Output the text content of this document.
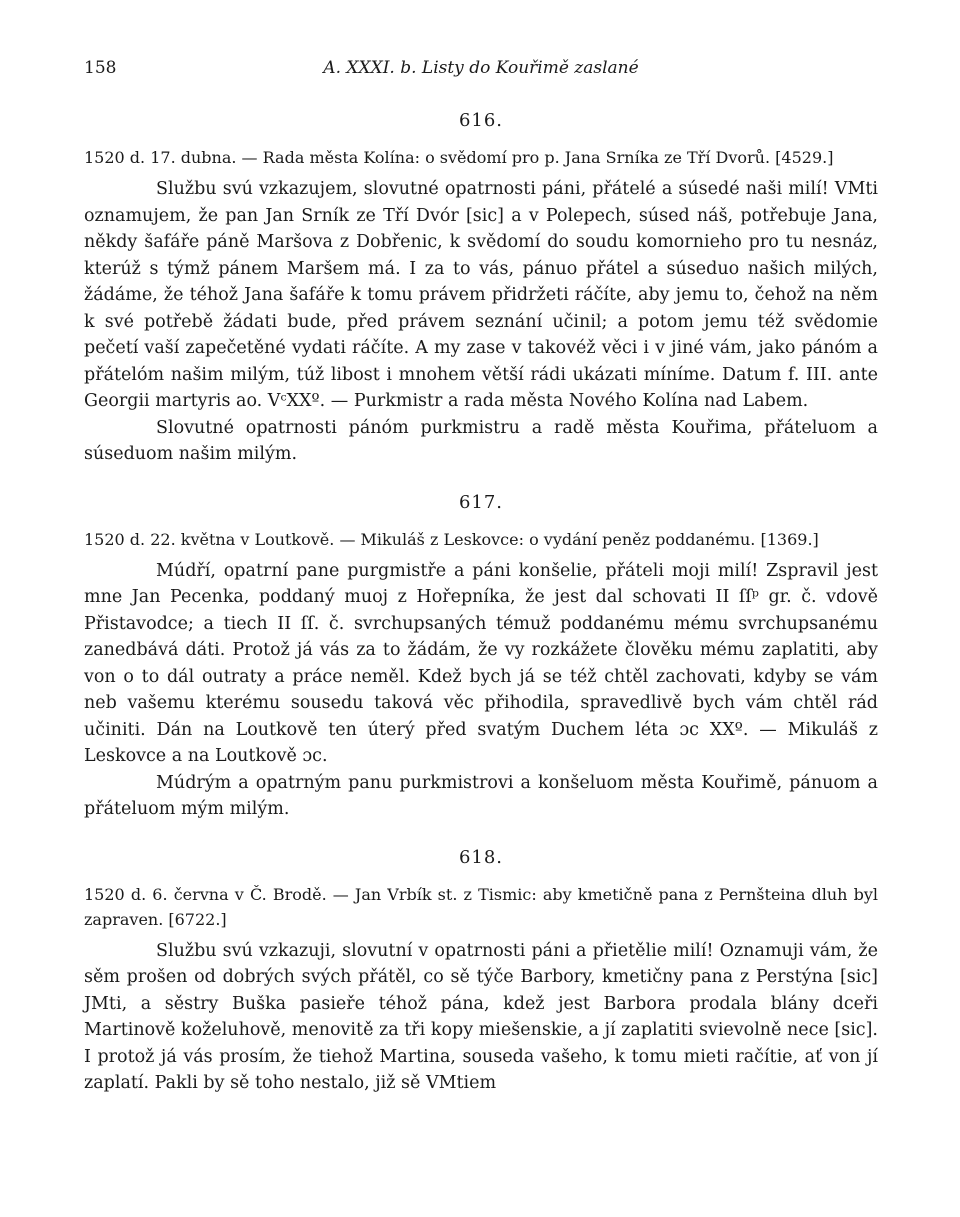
158	A. XXXI. b. Listy do Kouřimě zaslané
616.

1520 d. 17. dubna. — Rada města Kolína: o svědomí pro p. Jana Srníka ze Tří Dvorů. [4529.]

Službu svú vzkazujem, slovutné opatrnosti páni, přátelé a súsedé naši milí! VMti oznamujem, že pan Jan Srník ze Tří Dvór [sic] a v Polepech, súsed náš, potřebuje Jana, někdy šafáře páně Maršova z Dobřenic, k svědomí do soudu komornieho pro tu nesnáz, kterúž s týmž pánem Maršem má. I za to vás, pánuo přátel a súseduo našich milých, žádáme, že téhož Jana šafáře k tomu právem přidržeti ráčíte, aby jemu to, čehož na něm k své potřebě žádati bude, před právem seznání učinil; a potom jemu též svědomie pečetí vaší zapečetěné vydati ráčíte. A my zase v takovéž věci i v jiné vám, jako pánóm a přátelóm našim milým, túž libost i mnohem větší rádi ukázati míníme. Datum f. III. ante Georgii martyris ao. VᶜXXº. — Purkmistr a rada města Nového Kolína nad Labem.

Slovutné opatrnosti pánóm purkmistru a radě města Kouřima, přáteluom a súseduom našim milým.

617.

1520 d. 22. května v Loutkově. — Mikuláš z Leskovce: o vydání peněz poddanému. [1369.]

Múdří, opatrní pane purgmistře a páni konšelie, přáteli moji milí! Zspravil jest mne Jan Pecenka, poddaný muoj z Hořepníka, že jest dal schovati II ſſᵖ gr. č. vdově Přistavodce; a tiech II ſſ. č. svrchupsaných témuž poddanému mému svrchupsanému zanedbává dáti. Protož já vás za to žádám, že vy rozkážete člověku mému zaplatiti, aby von o to dál outraty a práce neměl. Kdež bych já se též chtěl zachovati, kdyby se vám neb vašemu kterému sousedu taková věc přihodila, spravedlivě bych vám chtěl rád učiniti. Dán na Loutkově ten úterý před svatým Duchem léta ɔc XXº. — Mikuláš z Leskovce a na Loutkově ɔc.

Múdrým a opatrným panu purkmistrovi a konšeluom města Kouřimě, pánuom a přáteluom mým milým.

618.

1520 d. 6. června v Č. Brodě. — Jan Vrbík st. z Tismic: aby kmetičně pana z Pernšteina dluh byl zapraven. [6722.]

Službu svú vzkazuji, slovutní v opatrnosti páni a přietělie milí! Oznamuji vám, že sěm prošen od dobrých svých přátěl, co sě týče Barbory, kmetičny pana z Perstýna [sic] JMti, a sěstry Buška pasieře téhož pána, kdež jest Barbora prodala blány dceři Martinově koželuhově, menovitě za tři kopy miešenskie, a jí zaplatiti svievolně nece [sic]. I protož já vás prosím, že tiehož Martina, souseda vašeho, k tomu mieti račítie, ať von jí zaplatí. Pakli by sě toho nestalo, již sě VMtiem
